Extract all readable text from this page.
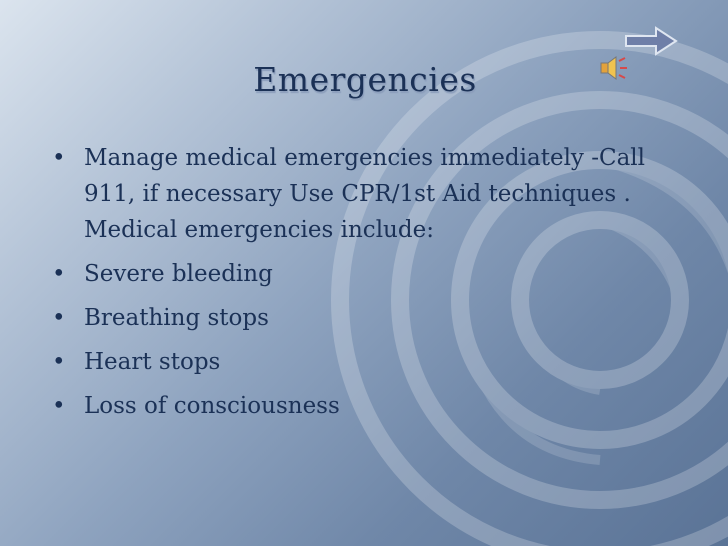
Emergencies
• Manage medical emergencies immediately -Call 911, if necessary Use CPR/1st Aid techniques . Medical emergencies include:
• Severe bleeding
• Breathing stops
• Heart stops
• Loss of consciousness
